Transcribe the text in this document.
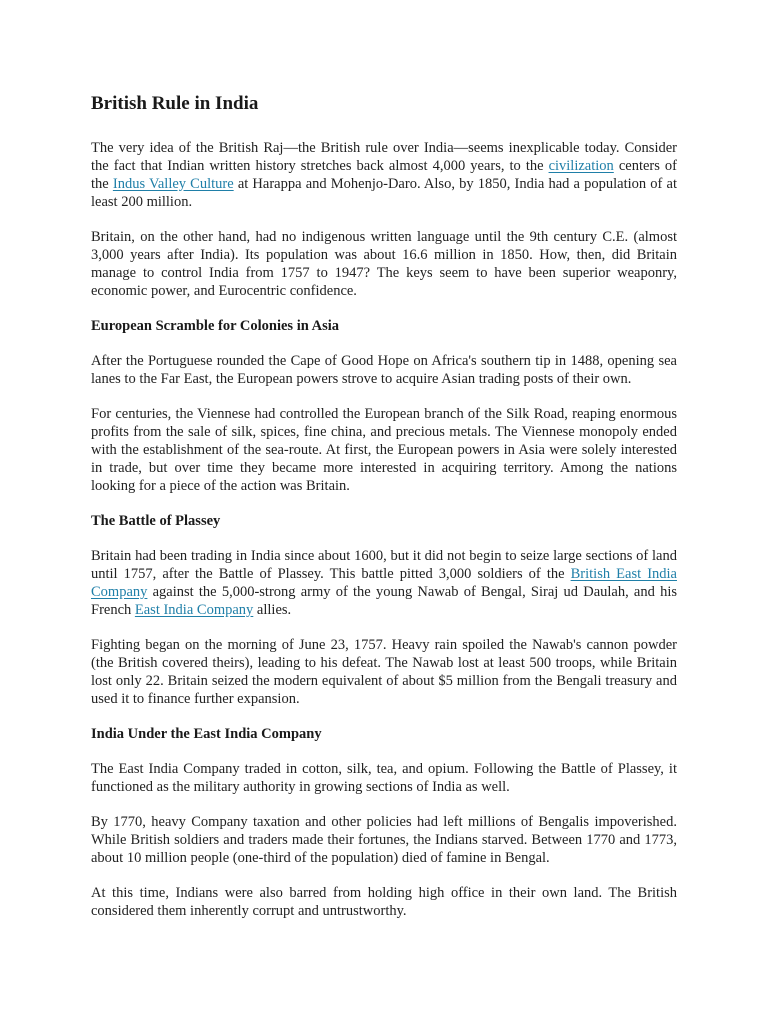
British Rule in India

The very idea of the British Raj—the British rule over India—seems inexplicable today. Consider the fact that Indian written history stretches back almost 4,000 years, to the civilization centers of the Indus Valley Culture at Harappa and Mohenjo-Daro. Also, by 1850, India had a population of at least 200 million.

Britain, on the other hand, had no indigenous written language until the 9th century C.E. (almost 3,000 years after India). Its population was about 16.6 million in 1850. How, then, did Britain manage to control India from 1757 to 1947? The keys seem to have been superior weaponry, economic power, and Eurocentric confidence.

European Scramble for Colonies in Asia

After the Portuguese rounded the Cape of Good Hope on Africa's southern tip in 1488, opening sea lanes to the Far East, the European powers strove to acquire Asian trading posts of their own.

For centuries, the Viennese had controlled the European branch of the Silk Road, reaping enormous profits from the sale of silk, spices, fine china, and precious metals. The Viennese monopoly ended with the establishment of the sea-route. At first, the European powers in Asia were solely interested in trade, but over time they became more interested in acquiring territory. Among the nations looking for a piece of the action was Britain.

The Battle of Plassey

Britain had been trading in India since about 1600, but it did not begin to seize large sections of land until 1757, after the Battle of Plassey. This battle pitted 3,000 soldiers of the British East India Company against the 5,000-strong army of the young Nawab of Bengal, Siraj ud Daulah, and his French East India Company allies.

Fighting began on the morning of June 23, 1757. Heavy rain spoiled the Nawab's cannon powder (the British covered theirs), leading to his defeat. The Nawab lost at least 500 troops, while Britain lost only 22. Britain seized the modern equivalent of about $5 million from the Bengali treasury and used it to finance further expansion.

India Under the East India Company

The East India Company traded in cotton, silk, tea, and opium. Following the Battle of Plassey, it functioned as the military authority in growing sections of India as well.

By 1770, heavy Company taxation and other policies had left millions of Bengalis impoverished. While British soldiers and traders made their fortunes, the Indians starved. Between 1770 and 1773, about 10 million people (one-third of the population) died of famine in Bengal.

At this time, Indians were also barred from holding high office in their own land. The British considered them inherently corrupt and untrustworthy.
